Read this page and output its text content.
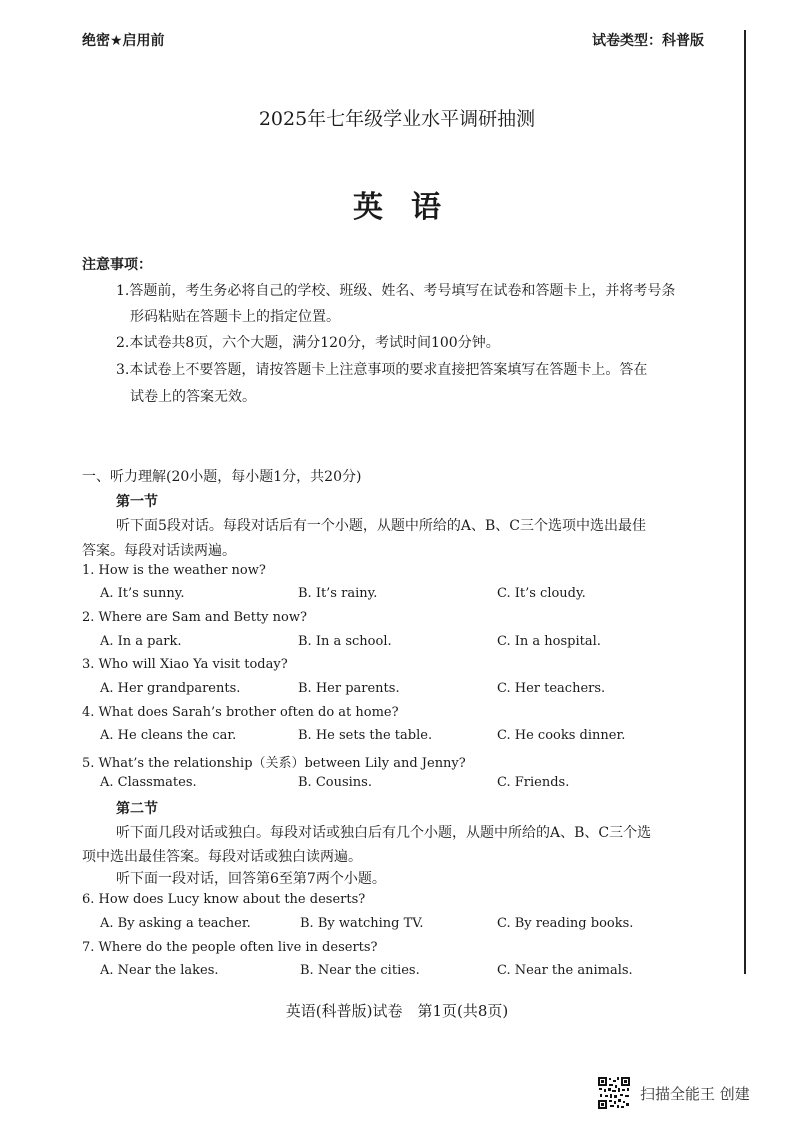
绝密★启用前	试卷类型：科普版
2025年七年级学业水平调研抽测
英语
注意事项：
1.答题前，考生务必将自己的学校、班级、姓名、考号填写在试卷和答题卡上，并将考号条
形码粘贴在答题卡上的指定位置。
2.本试卷共8页，六个大题，满分120分，考试时间100分钟。
3.本试卷上不要答题，请按答题卡上注意事项的要求直接把答案填写在答题卡上。答在
试卷上的答案无效。
一、听力理解(20小题，每小题1分，共20分)
第一节
听下面5段对话。每段对话后有一个小题，从题中所给的A、B、C三个选项中选出最佳
答案。每段对话读两遍。
1. How is the weather now?
A. It’s sunny.	B. It’s rainy.	C. It’s cloudy.
2. Where are Sam and Betty now?
A. In a park.	B. In a school.	C. In a hospital.
3. Who will Xiao Ya visit today?
A. Her grandparents.	B. Her parents.	C. Her teachers.
4. What does Sarah’s brother often do at home?
A. He cleans the car.	B. He sets the table.	C. He cooks dinner.
5. What’s the relationship（关系）between Lily and Jenny?
A. Classmates.	B. Cousins.	C. Friends.
第二节
听下面几段对话或独白。每段对话或独白后有几个小题，从题中所给的A、B、C三个选
项中选出最佳答案。每段对话或独白读两遍。
听下面一段对话，回答第6至第7两个小题。
6. How does Lucy know about the deserts?
A. By asking a teacher.	B. By watching TV.	C. By reading books.
7. Where do the people often live in deserts?
A. Near the lakes.	B. Near the cities.	C. Near the animals.
英语(科普版)试卷　第1页(共8页)
扫描全能王 创建
